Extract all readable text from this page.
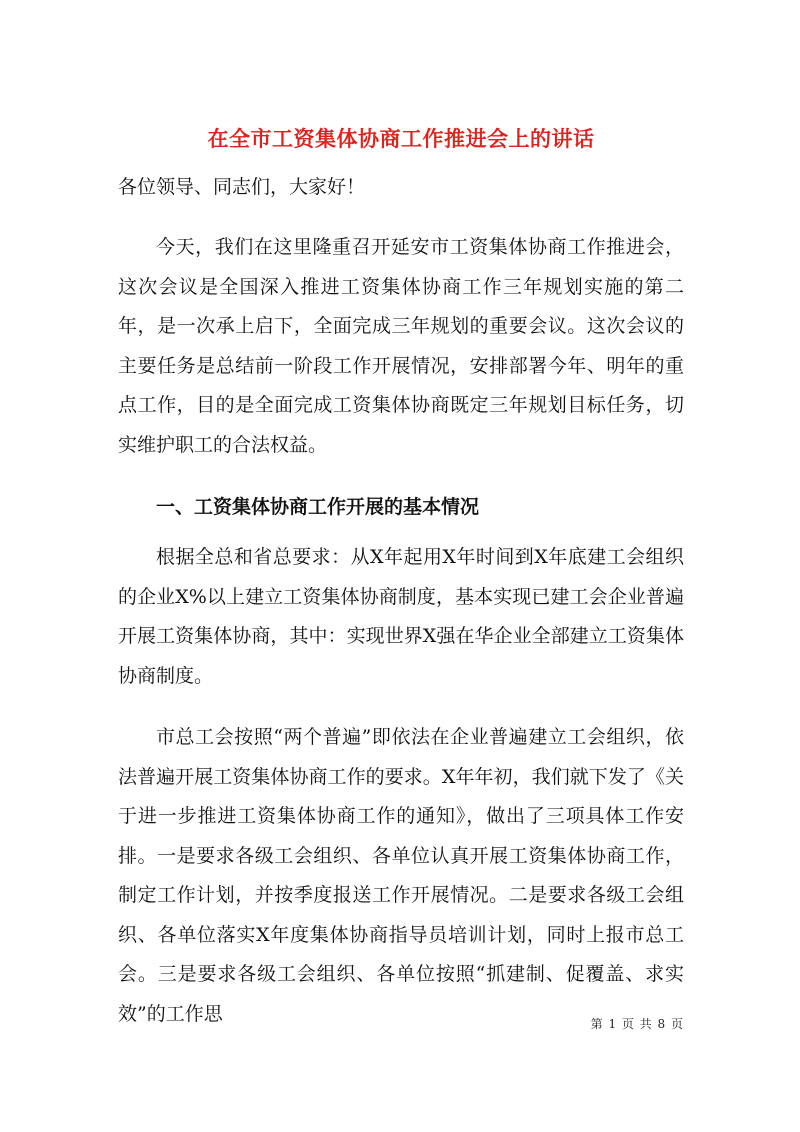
在全市工资集体协商工作推进会上的讲话
各位领导、同志们，大家好！

今天，我们在这里隆重召开延安市工资集体协商工作推进会，这次会议是全国深入推进工资集体协商工作三年规划实施的第二年，是一次承上启下，全面完成三年规划的重要会议。这次会议的主要任务是总结前一阶段工作开展情况，安排部署今年、明年的重点工作，目的是全面完成工资集体协商既定三年规划目标任务，切实维护职工的合法权益。

一、工资集体协商工作开展的基本情况

根据全总和省总要求：从X年起用X年时间到X年底建工会组织的企业X%以上建立工资集体协商制度，基本实现已建工会企业普遍开展工资集体协商，其中：实现世界X强在华企业全部建立工资集体协商制度。

市总工会按照“两个普遍”即依法在企业普遍建立工会组织，依法普遍开展工资集体协商工作的要求。X年年初，我们就下发了《关于进一步推进工资集体协商工作的通知》，做出了三项具体工作安排。一是要求各级工会组织、各单位认真开展工资集体协商工作，制定工作计划，并按季度报送工作开展情况。二是要求各级工会组织、各单位落实X年度集体协商指导员培训计划，同时上报市总工会。三是要求各级工会组织、各单位按照“抓建制、促覆盖、求实效”的工作思	第 1 页 共 8 页
